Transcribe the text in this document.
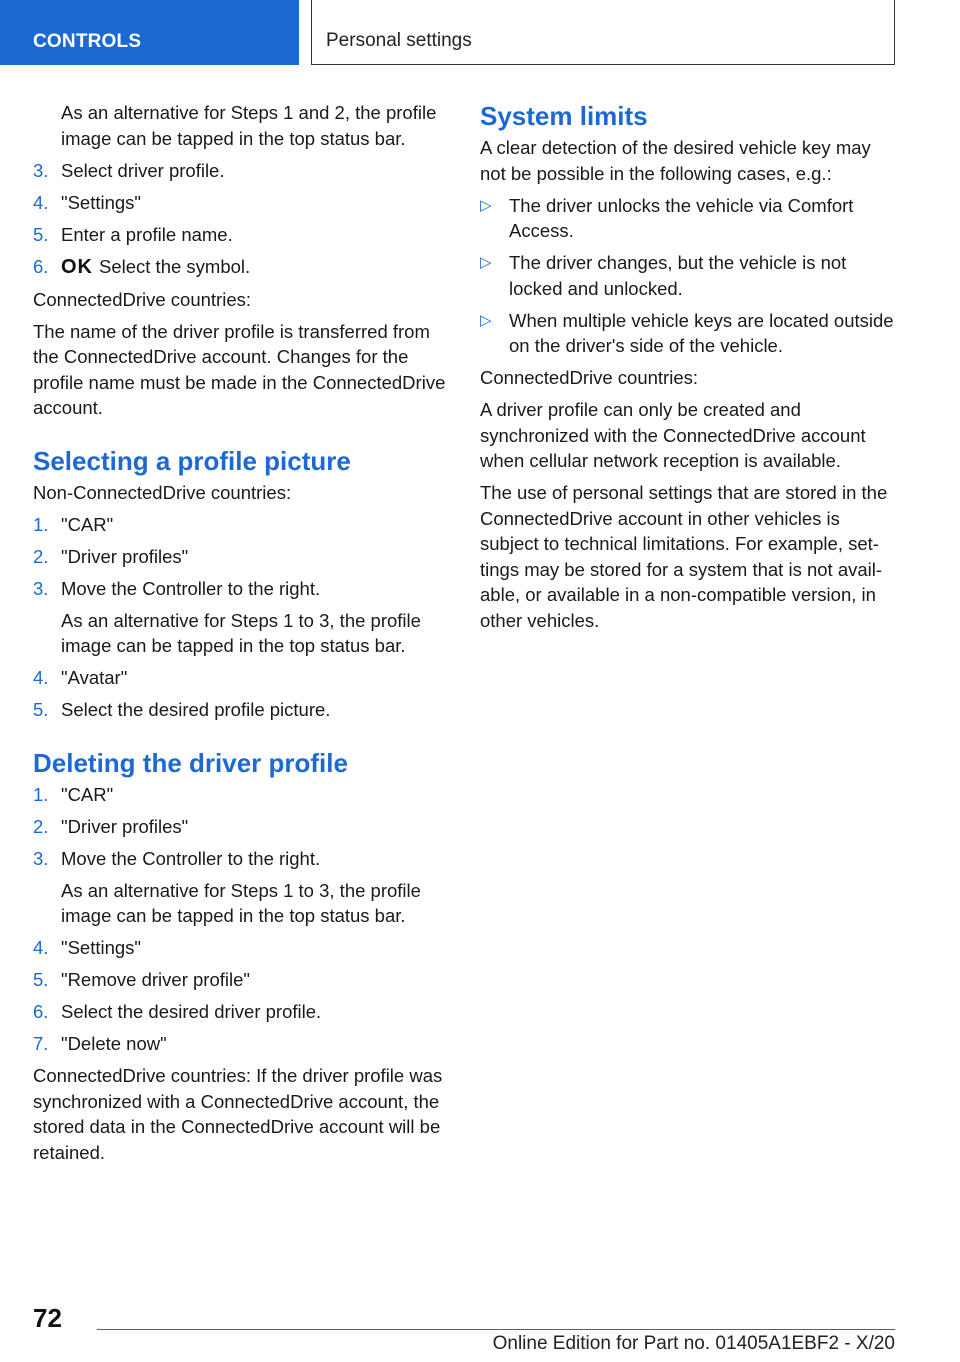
CONTROLS	Personal settings

As an alternative for Steps 1 and 2, the profile image can be tapped in the top status bar.

3. Select driver profile.
4. "Settings"
5. Enter a profile name.
6. OK Select the symbol.

ConnectedDrive countries:

The name of the driver profile is transferred from the ConnectedDrive account. Changes for the profile name must be made in the ConnectedDrive account.

Selecting a profile picture

Non-ConnectedDrive countries:

1. "CAR"
2. "Driver profiles"
3. Move the Controller to the right.
As an alternative for Steps 1 to 3, the profile image can be tapped in the top status bar.
4. "Avatar"
5. Select the desired profile picture.
Deleting the driver profile
1. "CAR"
2. "Driver profiles"
3. Move the Controller to the right.
As an alternative for Steps 1 to 3, the profile image can be tapped in the top status bar.
4. "Settings"
5. "Remove driver profile"
6. Select the desired driver profile.
7. "Delete now"

ConnectedDrive countries: If the driver profile was synchronized with a ConnectedDrive account, the stored data in the ConnectedDrive account will be retained.

System limits

A clear detection of the desired vehicle key may not be possible in the following cases, e.g.:

▷ The driver unlocks the vehicle via Comfort Access.
▷ The driver changes, but the vehicle is not locked and unlocked.
▷ When multiple vehicle keys are located outside on the driver's side of the vehicle.

ConnectedDrive countries:

A driver profile can only be created and synchronized with the ConnectedDrive account when cellular network reception is available.

The use of personal settings that are stored in the ConnectedDrive account in other vehicles is subject to technical limitations. For example, settings may be stored for a system that is not available, or available in a non-compatible version, in other vehicles.

72
Online Edition for Part no. 01405A1EBF2 - X/20
